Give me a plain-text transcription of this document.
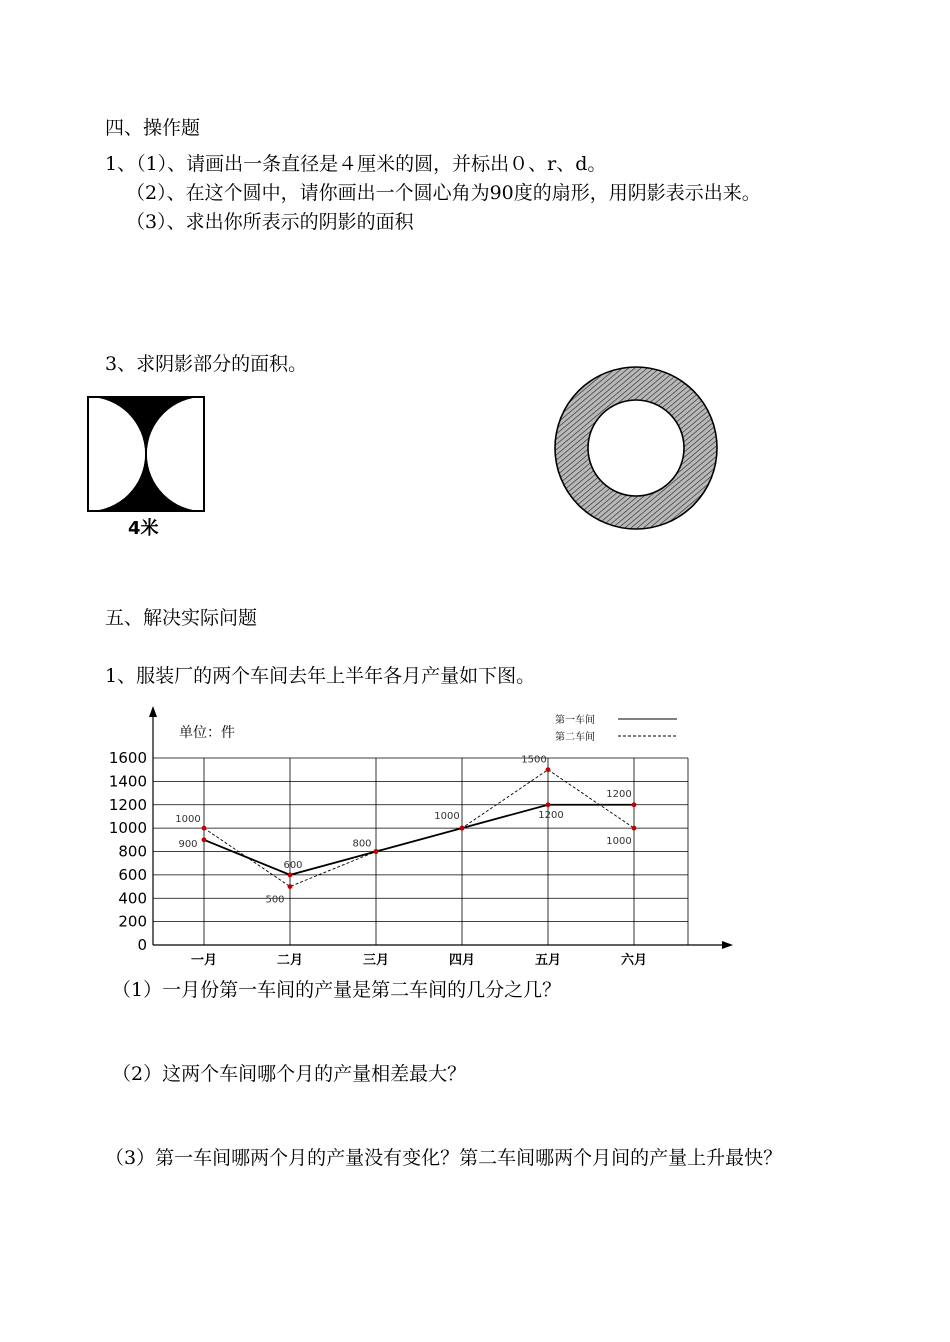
四、操作题
1、（1）、请画出一条直径是４厘米的圆，并标出０、r、d。
（2）、在这个圆中，请你画出一个圆心角为90度的扇形，用阴影表示出来。
（3）、求出你所表示的阴影的面积
3、求阴影部分的面积。
4米
五、解决实际问题
1、服装厂的两个车间去年上半年各月产量如下图。
单位：件
第一车间
第二车间
0
200
400
600
800
1000
1200
1400
1600
一月	二月	三月	四月	五月	六月
1000
900
600
500
800
1000
1500
1200
1200
1000
（1）一月份第一车间的产量是第二车间的几分之几？
（2）这两个车间哪个月的产量相差最大？
（3）第一车间哪两个月的产量没有变化？第二车间哪两个月间的产量上升最快？
